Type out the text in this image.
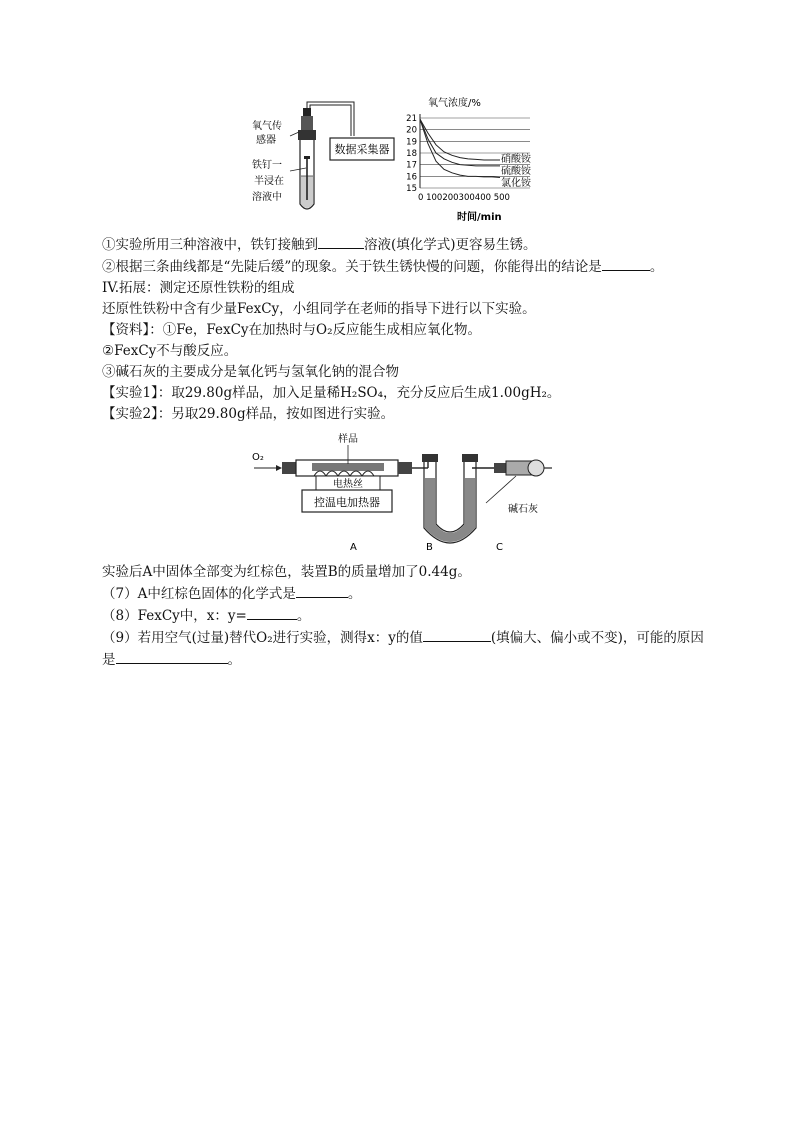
氧气传
感器
铁钉一
半浸在
溶液中
数据采集器
氧气浓度/%
15
16
17
18
19
20
21
硝酸铵
硫酸铵
氯化铵
0 100200300400 500
时间/min
①实验所用三种溶液中，铁钉接触到	溶液(填化学式)更容易生锈。
②根据三条曲线都是“先陡后缓”的现象。关于铁生锈快慢的问题，你能得出的结论是	。
IV.拓展：测定还原性铁粉的组成
还原性铁粉中含有少量FexCy，小组同学在老师的指导下进行以下实验。
【资料】：①Fe，FexCy在加热时与O₂反应能生成相应氧化物。
②FexCy不与酸反应。
③碱石灰的主要成分是氧化钙与氢氧化钠的混合物
【实验1】：取29.80g样品，加入足量稀H₂SO₄，充分反应后生成1.00gH₂。
【实验2】：另取29.80g样品，按如图进行实验。
O₂
样品
电热丝
控温电加热器
碱石灰
A	B	C
实验后A中固体全部变为红棕色，装置B的质量增加了0.44g。
（7）A中红棕色固体的化学式是	。
（8）FexCy中，x：y=	。
（9）若用空气(过量)替代O₂进行实验，测得x：y的值	(填偏大、偏小或不变)，可能的原因
是	。
